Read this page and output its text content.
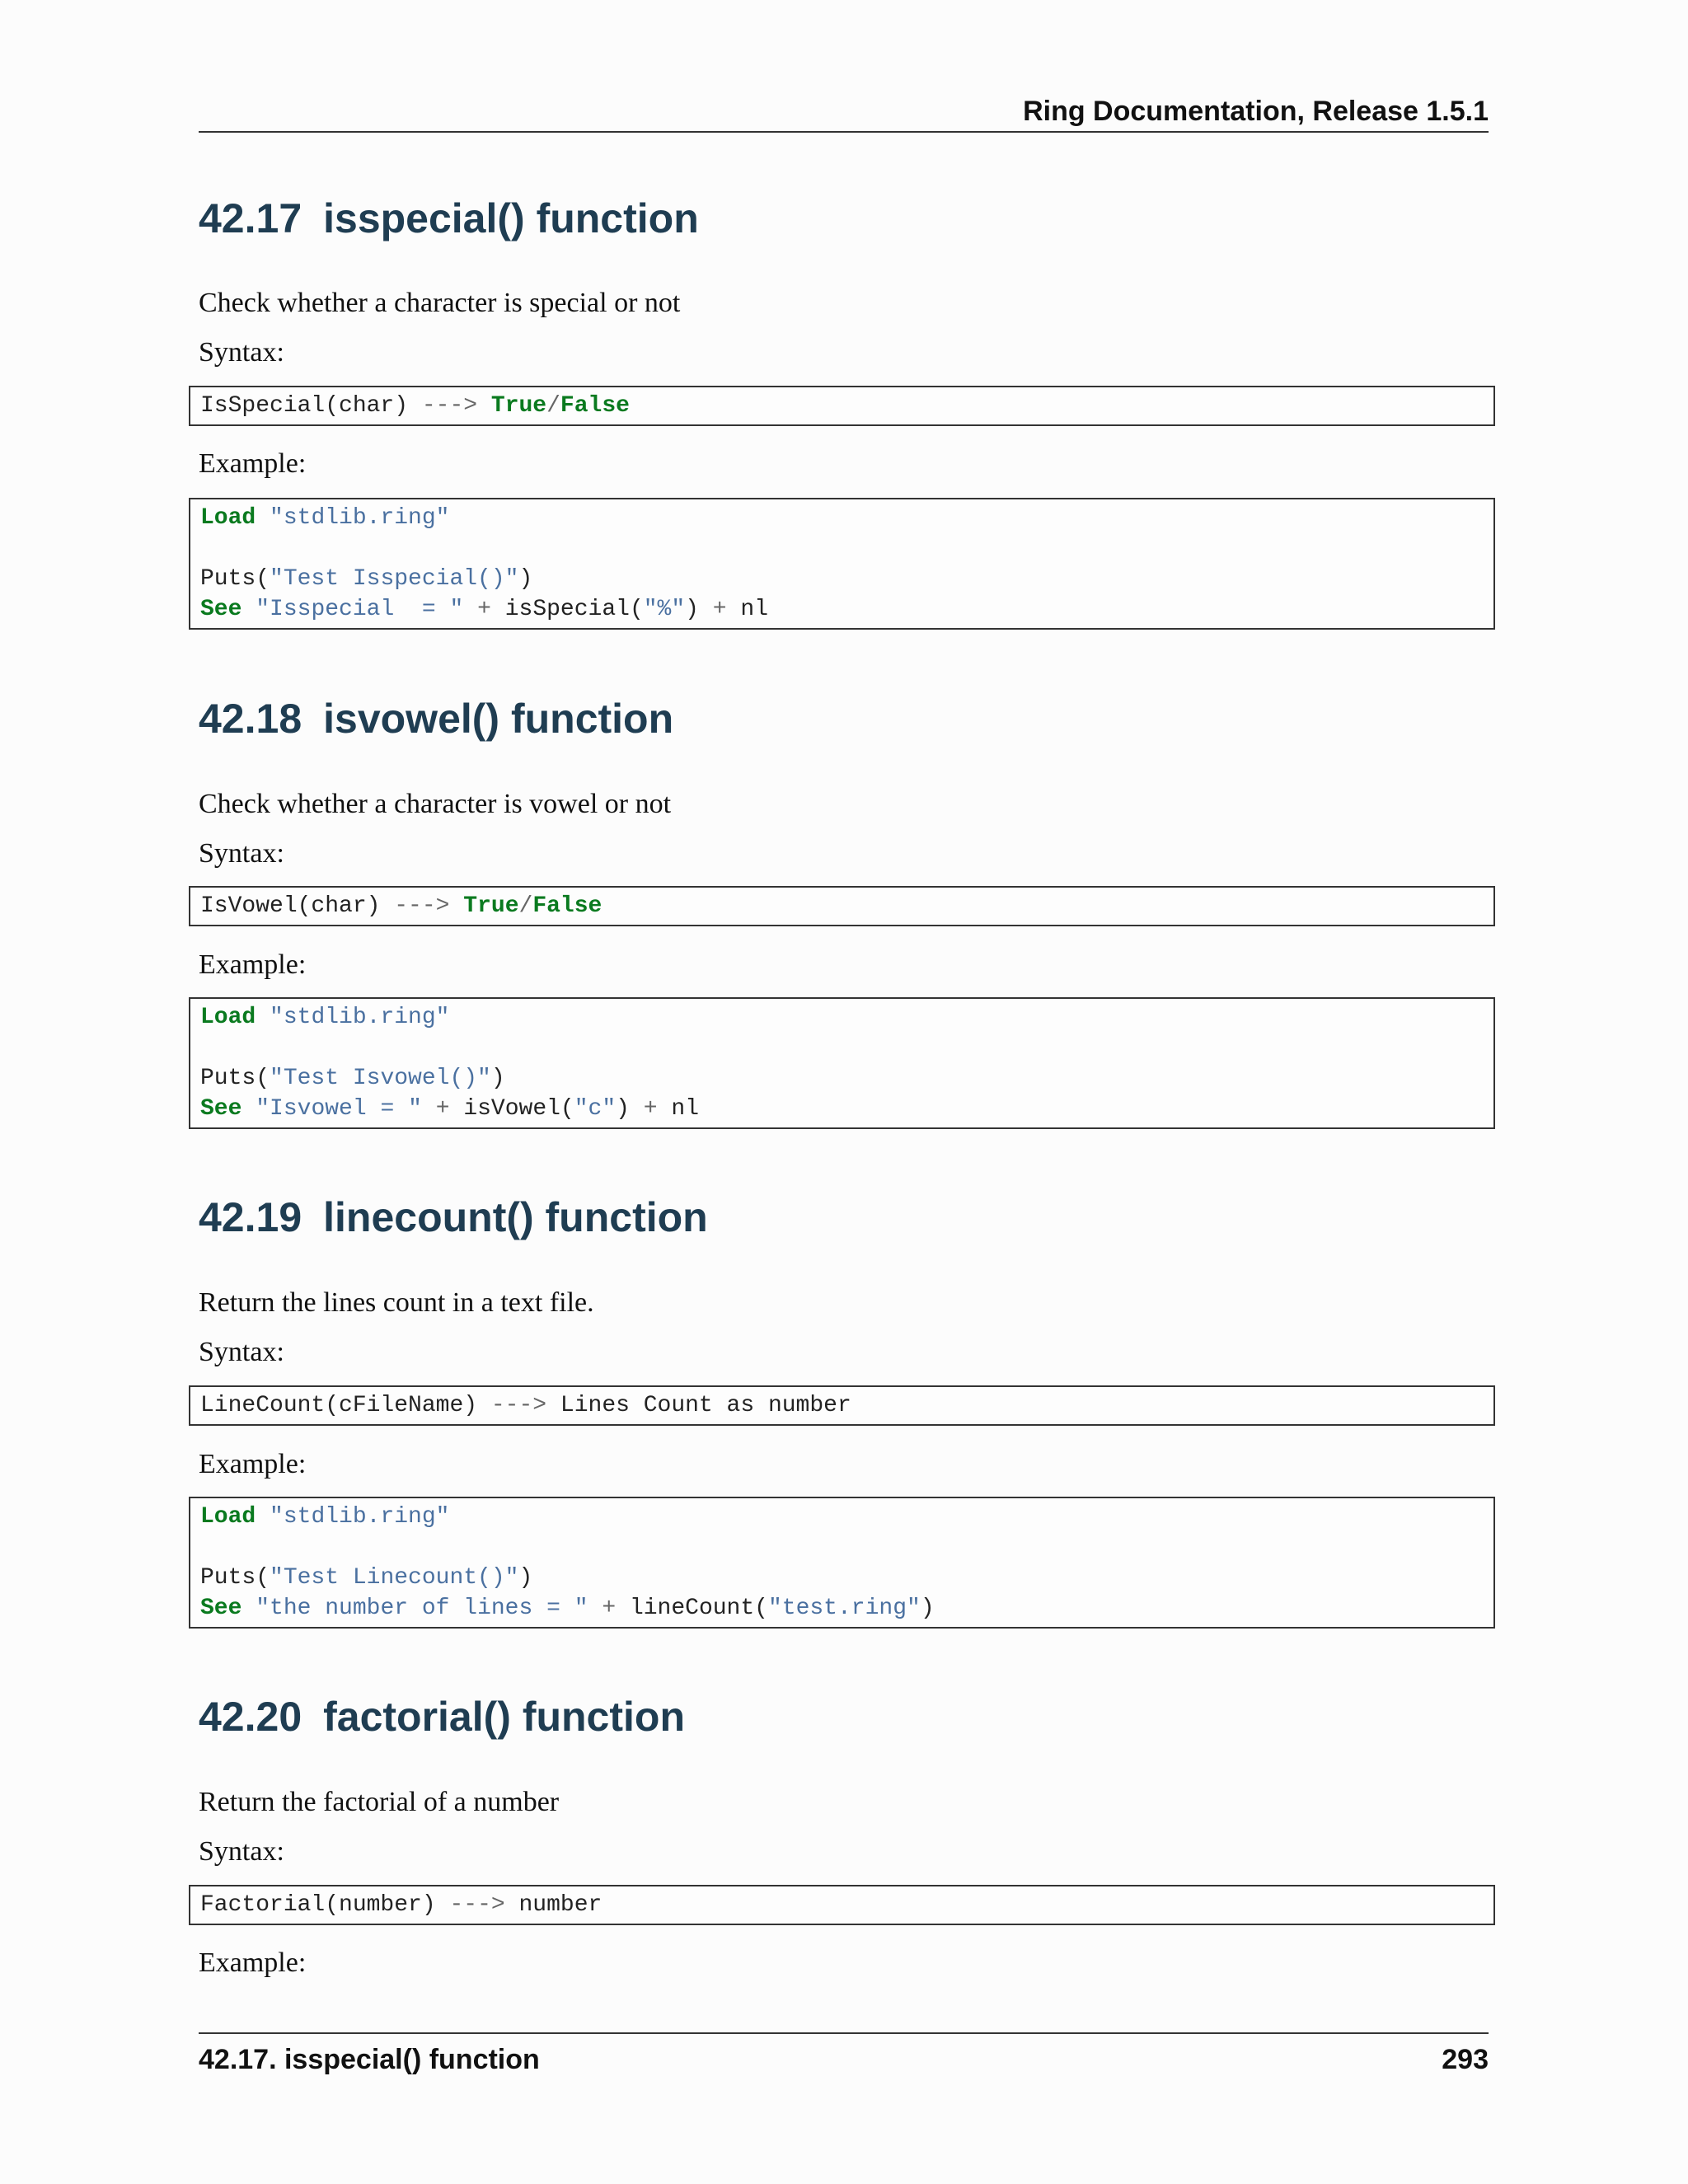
Ring Documentation, Release 1.5.1
42.17 isspecial() function

Check whether a character is special or not

Syntax:

IsSpecial(char) ---> True/False

Example:

Load "stdlib.ring"
Puts("Test Isspecial()")
See "Isspecial  = " + isSpecial("%") + nl
42.18 isvowel() function

Check whether a character is vowel or not

Syntax:

IsVowel(char) ---> True/False

Example:

Load "stdlib.ring"
Puts("Test Isvowel()")
See "Isvowel = " + isVowel("c") + nl
42.19 linecount() function

Return the lines count in a text file.

Syntax:

LineCount(cFileName) ---> Lines Count as number

Example:

Load "stdlib.ring"
Puts("Test Linecount()")
See "the number of lines = " + lineCount("test.ring")
42.20 factorial() function

Return the factorial of a number

Syntax:

Factorial(number) ---> number

Example:

42.17. isspecial() function	293
